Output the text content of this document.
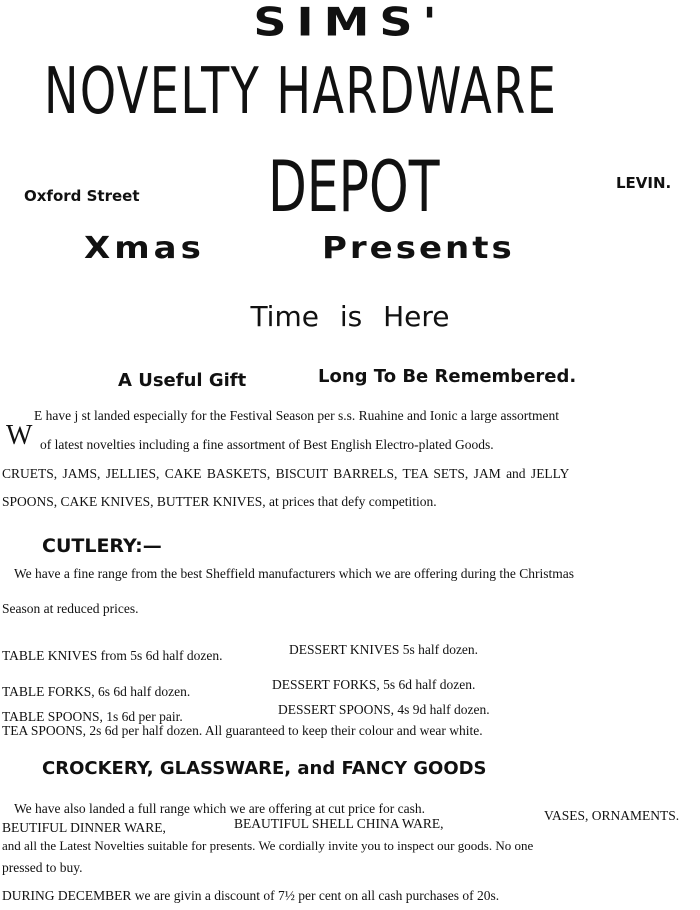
SIMS'
NOVELTY HARDWARE
Oxford Street DEPOT	LEVIN.
Xmas	Presents
Time is Here
A Useful Gift	Long To Be Remembered.
W
E have j st landed especially for the Festival Season per s.s. Ruahine and Ionic a large assortment
of latest novelties including a fine assortment of Best English Electro-plated Goods.
CRUETS, JAMS, JELLIES, CAKE BASKETS, BISCUIT BARRELS, TEA SETS, JAM and JELLY
SPOONS, CAKE KNIVES, BUTTER KNIVES, at prices that defy competition.
CUTLERY:—
We have a fine range from the best Sheffield manufacturers which we are offering during the Christmas
Season at reduced prices.
TABLE KNIVES from 5s 6d half dozen.	DESSERT KNIVES 5s half dozen.
TABLE FORKS, 6s 6d half dozen.	DESSERT FORKS, 5s 6d half dozen.
TABLE SPOONS, 1s 6d per pair.	DESSERT SPOONS, 4s 9d half dozen.
TEA SPOONS, 2s 6d per half dozen. All guaranteed to keep their colour and wear white.
CROCKERY, GLASSWARE, and FANCY GOODS
We have also landed a full range which we are offering at cut price for cash.
BEUTIFUL DINNER WARE,	BEAUTIFUL SHELL CHINA WARE,
VASES, ORNAMENTS.
and all the Latest Novelties suitable for presents. We cordially invite you to inspect our goods. No one
pressed to buy.
DURING DECEMBER we are givin a discount of 7½ per cent on all cash purchases of 20s.
